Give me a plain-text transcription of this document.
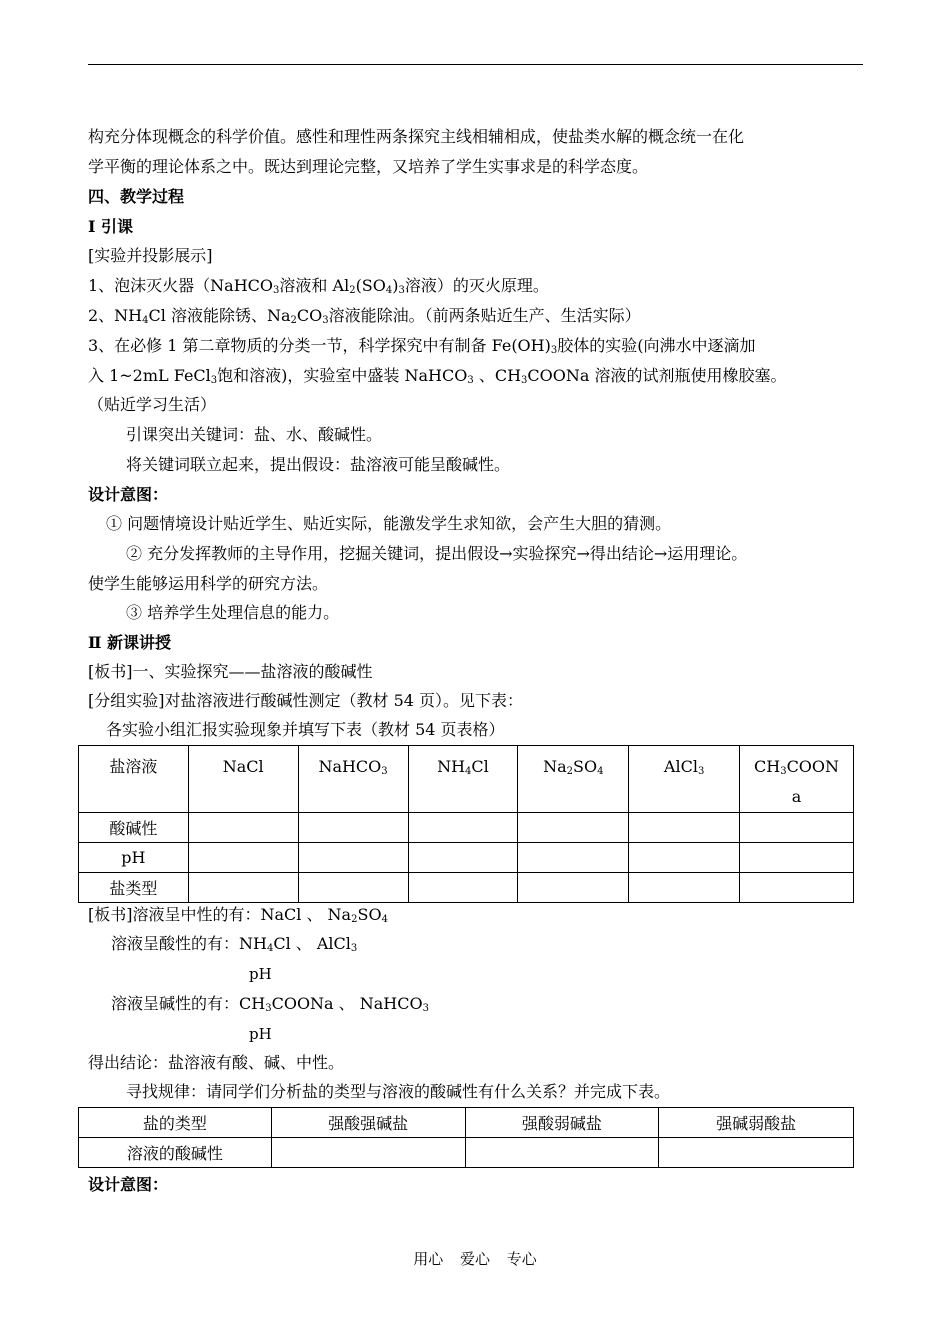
构充分体现概念的科学价值。感性和理性两条探究主线相辅相成，使盐类水解的概念统一在化
学平衡的理论体系之中。既达到理论完整，又培养了学生实事求是的科学态度。
四、教学过程
Ⅰ 引课
[实验并投影展示]
1、泡沫灭火器（NaHCO$_3$溶液和 $Al_2(SO_4)_3$溶液）的灭火原理。
2、$NH_4Cl$ 溶液能除锈、$Na_2CO_3$溶液能除油。（前两条贴近生产、生活实际）
3、在必修 1 第二章物质的分类一节，科学探究中有制备 $Fe(OH)_3$胶体的实验(向沸水中逐滴加
入 1~2mL FeCl$_3$饱和溶液)，实验室中盛装 NaHCO$_3$ 、$CH_3COONa$ 溶液的试剂瓶使用橡胶塞。
（贴近学习生活）
引课突出关键词：盐、水、酸碱性。
将关键词联立起来，提出假设：盐溶液可能呈酸碱性。
设计意图：
① 问题情境设计贴近学生、贴近实际，能激发学生求知欲，会产生大胆的猜测。
② 充分发挥教师的主导作用，挖掘关键词，提出假设→实验探究→得出结论→运用理论。
使学生能够运用科学的研究方法。
③ 培养学生处理信息的能力。
Ⅱ 新课讲授
[板书]一、实验探究——盐溶液的酸碱性
[分组实验]对盐溶液进行酸碱性测定（教材 54 页）。见下表：
各实验小组汇报实验现象并填写下表（教材 54 页表格）
盐溶液	NaCl	NaHCO$_3$	$NH_4Cl$	$Na_2SO_4$	AlCl$_3$	$CH_3COON$
a
酸碱性						
pH						
盐类型						
[板书]溶液呈中性的有：NaCl 、 $Na_2SO_4$
溶液呈酸性的有：$NH_4Cl$ 、 AlCl$_3$
pH
溶液呈碱性的有：$CH_3COONa$ 、 NaHCO$_3$
pH
得出结论：盐溶液有酸、碱、中性。
寻找规律：请同学们分析盐的类型与溶液的酸碱性有什么关系？并完成下表。
盐的类型	强酸强碱盐	强酸弱碱盐	强碱弱酸盐
溶液的酸碱性			
设计意图：
用心 爱心 专心
